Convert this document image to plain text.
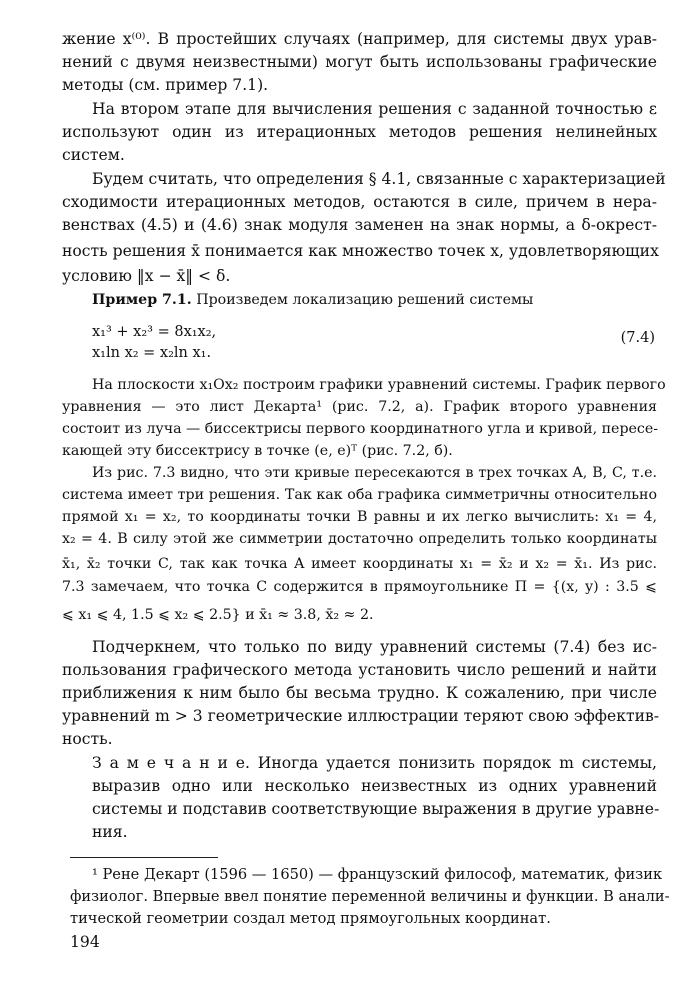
жение x⁽⁰⁾. В простейших случаях (например, для системы двух урав-
нений с двумя неизвестными) могут быть использованы графические
методы (см. пример 7.1).
На втором этапе для вычисления решения с заданной точностью ε
используют один из итерационных методов решения нелинейных
систем.
Будем считать, что определения § 4.1, связанные с характеризацией
сходимости итерационных методов, остаются в силе, причем в нера-
венствах (4.5) и (4.6) знак модуля заменен на знак нормы, а δ-окрест-
ность решения x̄ понимается как множество точек x, удовлетворяющих
условию ‖x − x̄‖ < δ.
Пример 7.1. Произведем локализацию решений системы
x₁³ + x₂³ = 8x₁x₂,
x₁ln x₂ = x₂ln x₁.
(7.4)
На плоскости x₁Ox₂ построим графики уравнений системы. График первого
уравнения — это лист Декарта¹ (рис. 7.2, а). График второго уравнения
состоит из луча — биссектрисы первого координатного угла и кривой, пересе-
кающей эту биссектрису в точке (e, e)ᵀ (рис. 7.2, б).
Из рис. 7.3 видно, что эти кривые пересекаются в трех точках A, B, C, т.е.
система имеет три решения. Так как оба графика симметричны относительно
прямой x₁ = x₂, то координаты точки B равны и их легко вычислить: x₁ = 4,
x₂ = 4. В силу этой же симметрии достаточно определить только координаты
x̄₁, x̄₂ точки C, так как точка A имеет координаты x₁ = x̄₂ и x₂ = x̄₁. Из рис.
7.3 замечаем, что точка C содержится в прямоугольнике Π = {(x, y) : 3.5 ⩽
⩽ x₁ ⩽ 4, 1.5 ⩽ x₂ ⩽ 2.5} и x̄₁ ≈ 3.8, x̄₂ ≈ 2.
Подчеркнем, что только по виду уравнений системы (7.4) без ис-
пользования графического метода установить число решений и найти
приближения к ним было бы весьма трудно. К сожалению, при числе
уравнений m > 3 геометрические иллюстрации теряют свою эффектив-
ность.
З а м е ч а н и е. Иногда удается понизить порядок m системы,
выразив одно или несколько неизвестных из одних уравнений
системы и подставив соответствующие выражения в другие уравне-
ния.
¹ Рене Декарт (1596 — 1650) — французский философ, математик, физик
физиолог. Впервые ввел понятие переменной величины и функции. В анали-
тической геометрии создал метод прямоугольных координат.
194
